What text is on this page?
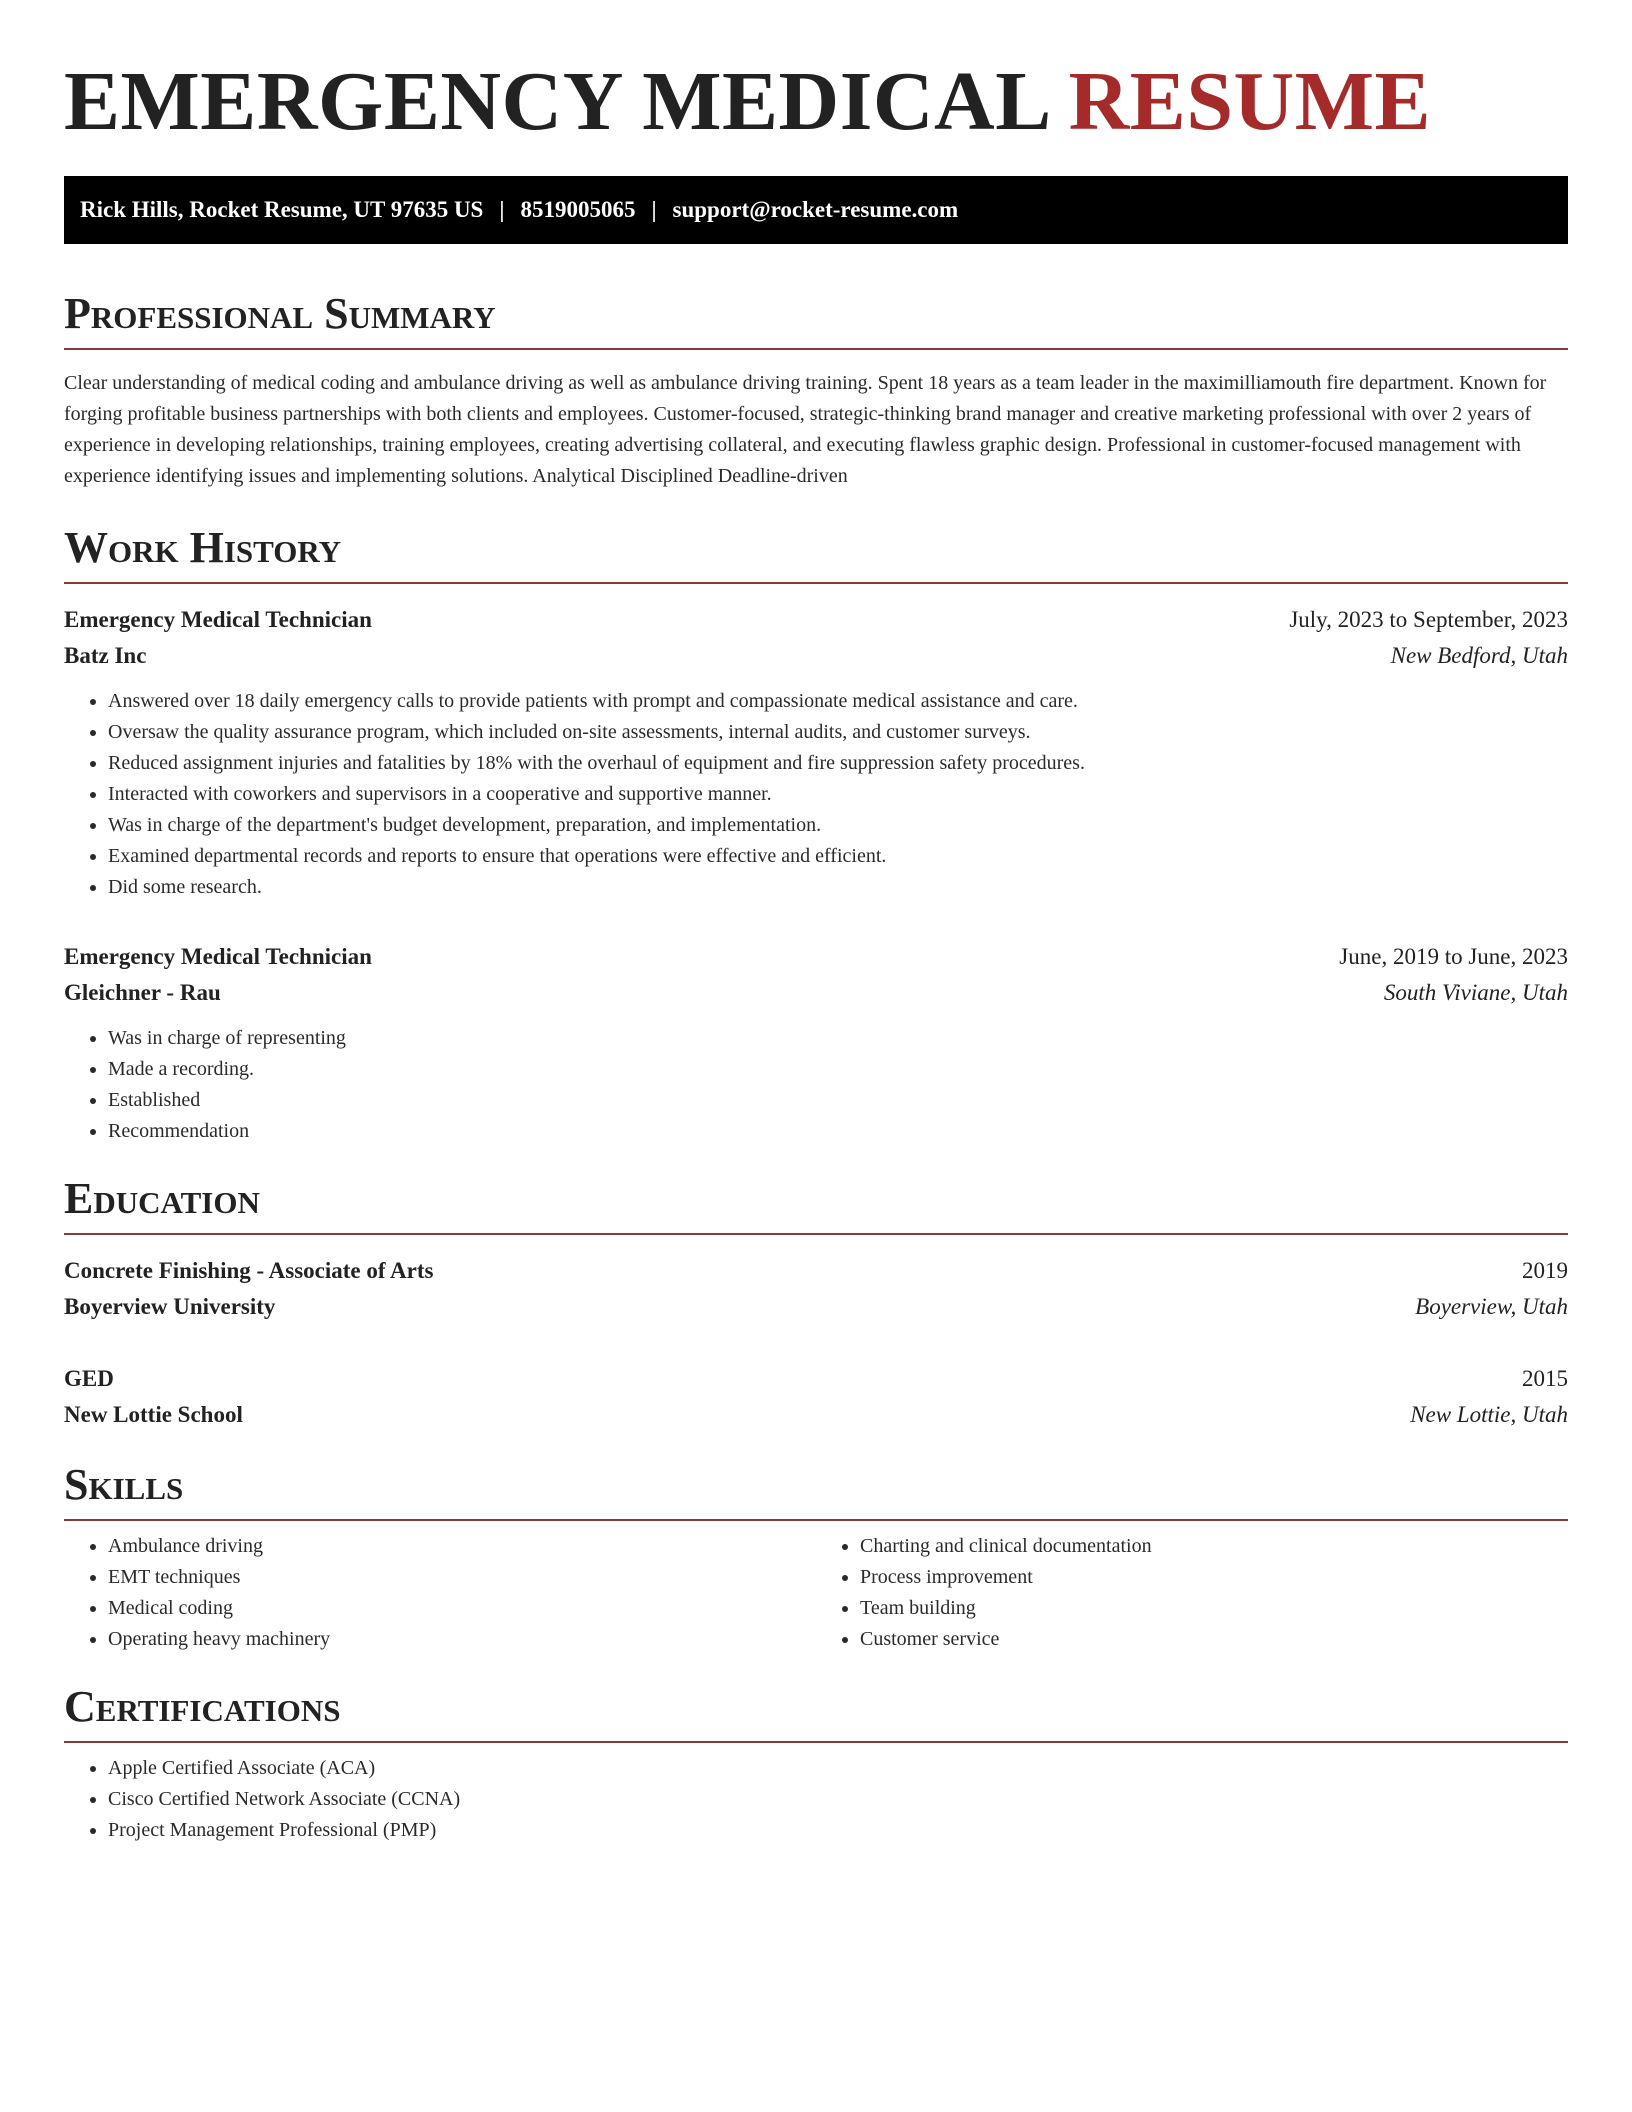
EMERGENCY MEDICAL RESUME
Rick Hills, Rocket Resume, UT 97635 US | 8519005065 | support@rocket-resume.com
Professional Summary

Clear understanding of medical coding and ambulance driving as well as ambulance driving training. Spent 18 years as a team leader in the maximilliamouth fire department. Known for forging profitable business partnerships with both clients and employees. Customer-focused, strategic-thinking brand manager and creative marketing professional with over 2 years of experience in developing relationships, training employees, creating advertising collateral, and executing flawless graphic design. Professional in customer-focused management with experience identifying issues and implementing solutions. Analytical Disciplined Deadline-driven

Work History
Emergency Medical Technician	July, 2023 to September, 2023
Batz Inc	New Bedford, Utah
• Answered over 18 daily emergency calls to provide patients with prompt and compassionate medical assistance and care.
• Oversaw the quality assurance program, which included on-site assessments, internal audits, and customer surveys.
• Reduced assignment injuries and fatalities by 18% with the overhaul of equipment and fire suppression safety procedures.
• Interacted with coworkers and supervisors in a cooperative and supportive manner.
• Was in charge of the department's budget development, preparation, and implementation.
• Examined departmental records and reports to ensure that operations were effective and efficient.
• Did some research.
Emergency Medical Technician	June, 2019 to June, 2023
Gleichner - Rau	South Viviane, Utah
• Was in charge of representing
• Made a recording.
• Established
• Recommendation
Education
Concrete Finishing - Associate of Arts	2019
Boyerview University	Boyerview, Utah
GED	2015
New Lottie School	New Lottie, Utah
Skills
• Ambulance driving
• EMT techniques
• Medical coding
• Operating heavy machinery
• Charting and clinical documentation
• Process improvement
• Team building
• Customer service
Certifications
• Apple Certified Associate (ACA)
• Cisco Certified Network Associate (CCNA)
• Project Management Professional (PMP)
